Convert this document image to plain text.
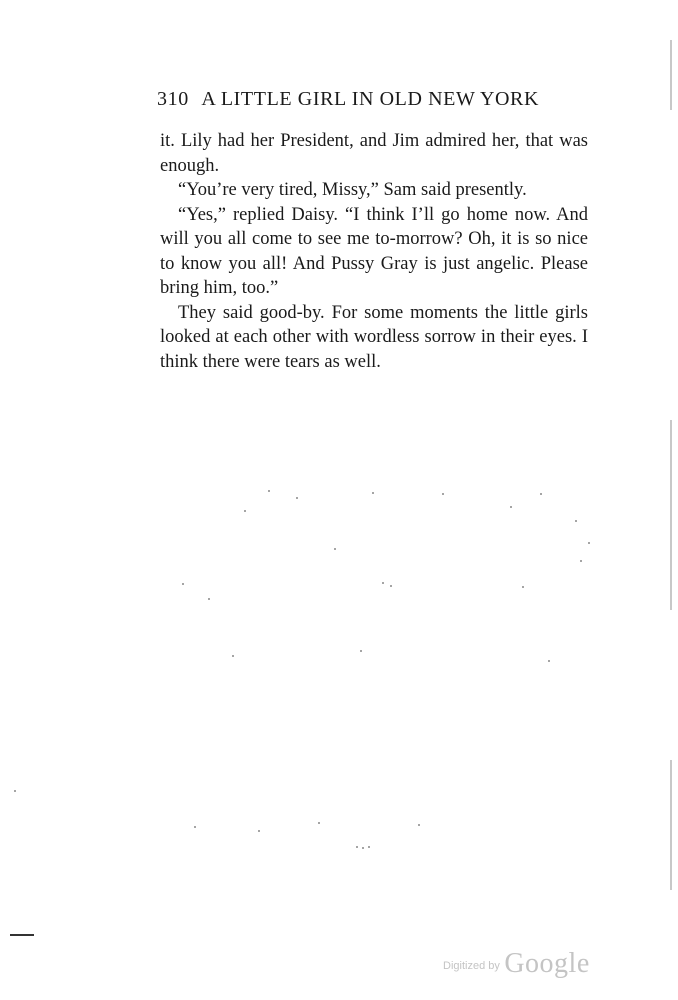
310 A LITTLE GIRL IN OLD NEW YORK

it. Lily had her President, and Jim admired her, that was enough.

“You’re very tired, Missy,” Sam said presently.

“Yes,” replied Daisy. “I think I’ll go home now. And will you all come to see me to-morrow? Oh, it is so nice to know you all! And Pussy Gray is just angelic. Please bring him, too.”

They said good-by. For some moments the little girls looked at each other with wordless sorrow in their eyes. I think there were tears as well.

Digitized by Google
